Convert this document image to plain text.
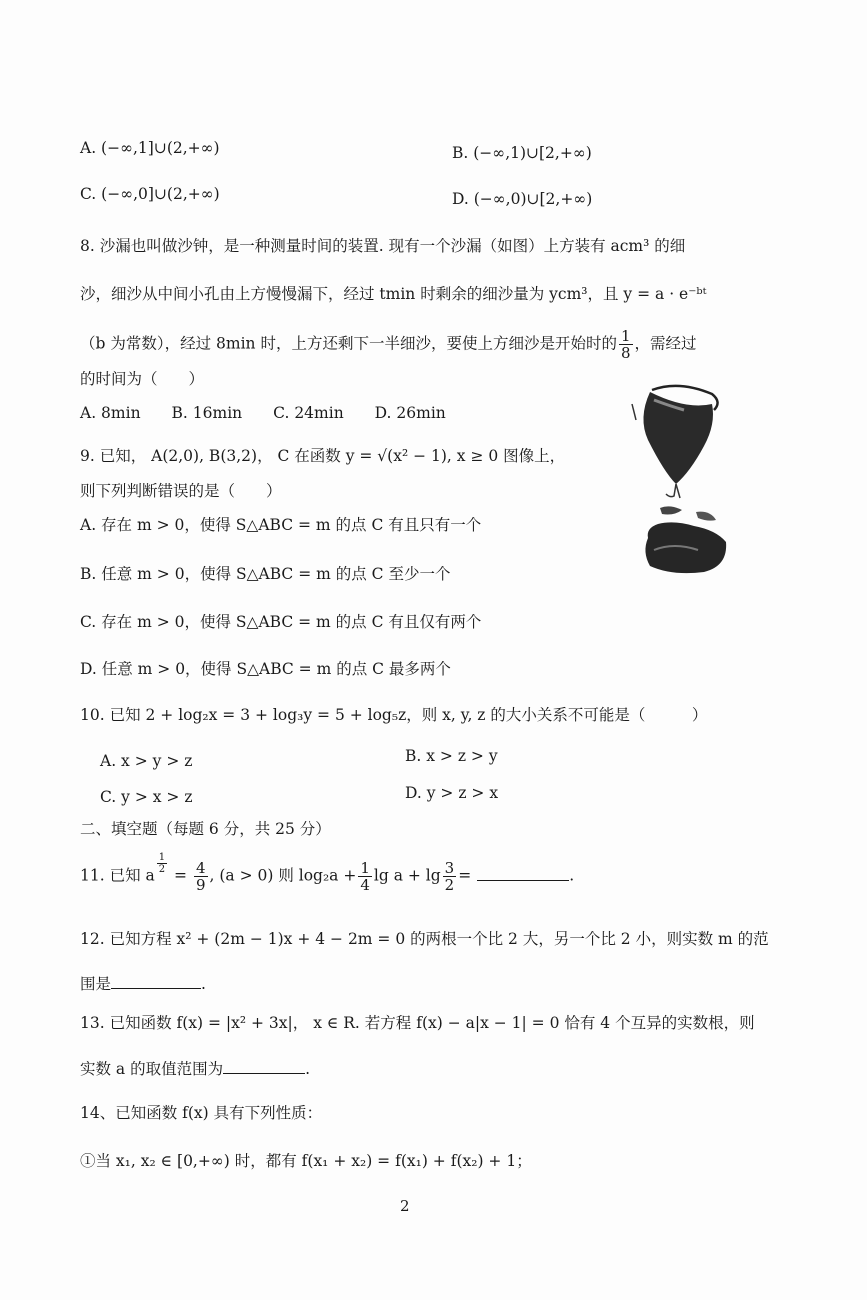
A. (−∞,1]∪(2,+∞)	B. (−∞,1)∪[2,+∞)
C. (−∞,0]∪(2,+∞)	D. (−∞,0)∪[2,+∞)
8. 沙漏也叫做沙钟，是一种测量时间的装置. 现有一个沙漏（如图）上方装有 acm³ 的细
沙，细沙从中间小孔由上方慢慢漏下，经过 tmin 时剩余的细沙量为 ycm³，且 y = a · e⁻ᵇᵗ
（b 为常数），经过 8min 时，上方还剩下一半细沙，要使上方细沙是开始时的 $\frac{1}{8}$ ，需经过
的时间为（　　）
A. 8min　　B. 16min　　C. 24min　　D. 26min
9. 已知， A(2,0), B(3,2)， C 在函数 y = √(x² − 1), x ≥ 0 图像上，
则下列判断错误的是（　　）
A. 存在 m > 0，使得 S△ABC = m 的点 C 有且只有一个
B. 任意 m > 0，使得 S△ABC = m 的点 C 至少一个
C. 存在 m > 0，使得 S△ABC = m 的点 C 有且仅有两个
D. 任意 m > 0，使得 S△ABC = m 的点 C 最多两个
10. 已知 2 + log₂x = 3 + log₃y = 5 + log₅z，则 x, y, z 的大小关系不可能是（　　　）
A. x > y > z	B. x > z > y
C. y > x > z	D. y > z > x
二、填空题（每题 6 分，共 25 分）
11. 已知 a
$\frac{1}{2}$
= $\frac{4}{9}$ , (a > 0) 则 $\log_2a + \frac{1}{4}$ $\lg a + \lg \frac{3}{2}$ =	.
12. 已知方程 x² + (2m − 1)x + 4 − 2m = 0 的两根一个比 2 大，另一个比 2 小，则实数 m 的范
围是	.
13. 已知函数 f(x) = |x² + 3x|， x ∈ R. 若方程 f(x) − a|x − 1| = 0 恰有 4 个互异的实数根，则
实数 a 的取值范围为	.
14、已知函数 f(x) 具有下列性质：
①当 x₁, x₂ ∈ [0,+∞) 时，都有 f(x₁ + x₂) = f(x₁) + f(x₂) + 1；
2
